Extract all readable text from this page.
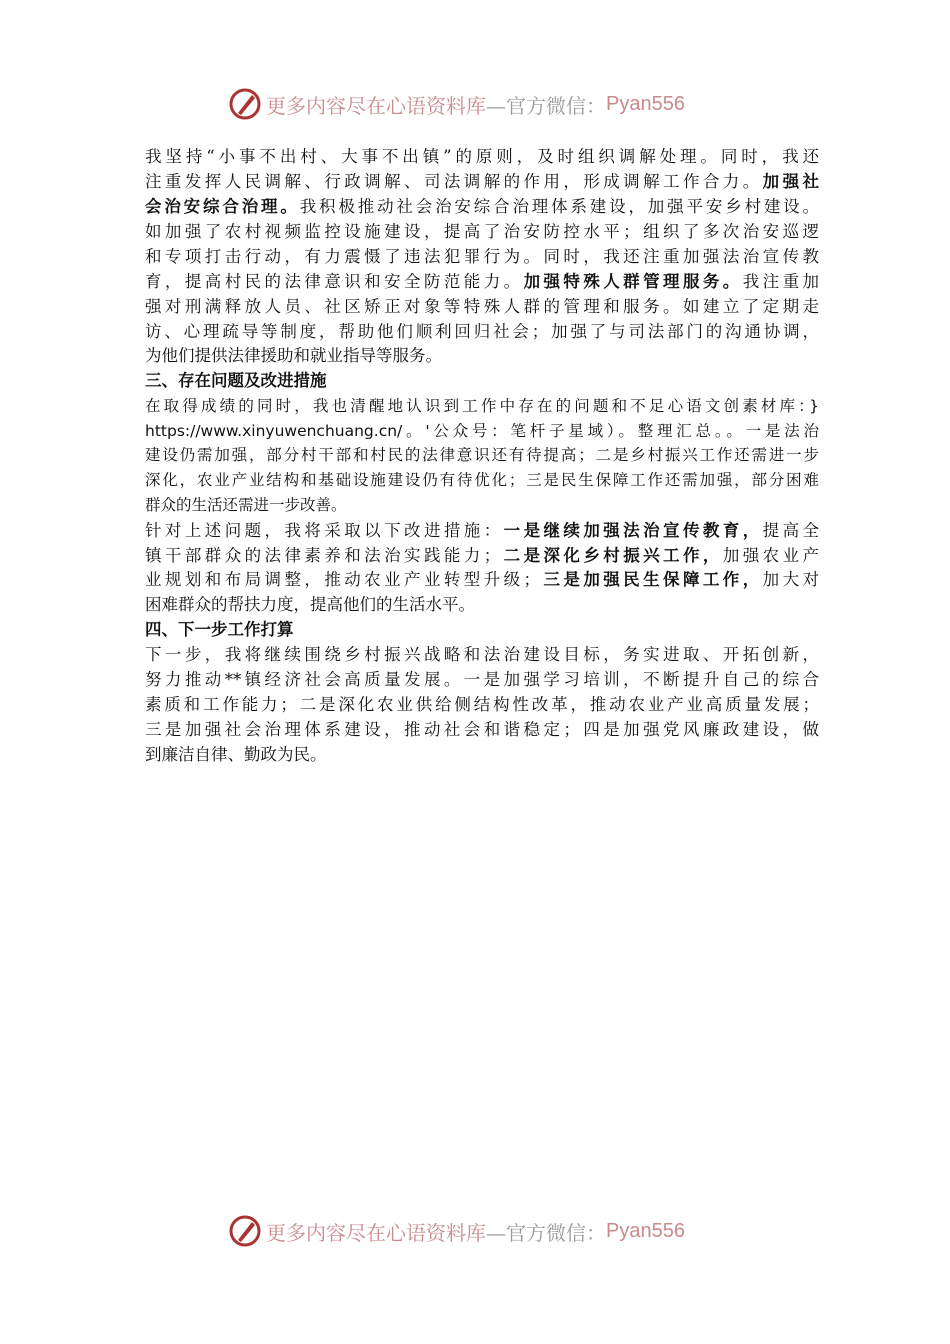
更多内容尽在心语资料库 —官方微信： Pyan556
我坚持“小事不出村、大事不出镇”的原则，及时组织调解处理。同时，我还
注重发挥人民调解、行政调解、司法调解的作用，形成调解工作合力。加强社
会治安综合治理。我积极推动社会治安综合治理体系建设，加强平安乡村建设。
如加强了农村视频监控设施建设，提高了治安防控水平；组织了多次治安巡逻
和专项打击行动，有力震慑了违法犯罪行为。同时，我还注重加强法治宣传教
育，提高村民的法律意识和安全防范能力。加强特殊人群管理服务。我注重加
强对刑满释放人员、社区矫正对象等特殊人群的管理和服务。如建立了定期走
访、心理疏导等制度，帮助他们顺利回归社会；加强了与司法部门的沟通协调，
为他们提供法律援助和就业指导等服务。
三、存在问题及改进措施
在取得成绩的同时，我也清醒地认识到工作中存在的问题和不足心语文创素材库：}
https://www.xinyuwenchuang.cn/。'公众号：笔杆子星域）。整理汇总。。一是法治
建设仍需加强，部分村干部和村民的法律意识还有待提高；二是乡村振兴工作还需进一步
深化，农业产业结构和基础设施建设仍有待优化；三是民生保障工作还需加强，部分困难
群众的生活还需进一步改善。
针对上述问题，我将采取以下改进措施：一是继续加强法治宣传教育，提高全
镇干部群众的法律素养和法治实践能力；二是深化乡村振兴工作，加强农业产
业规划和布局调整，推动农业产业转型升级；三是加强民生保障工作，加大对
困难群众的帮扶力度，提高他们的生活水平。
四、下一步工作打算
下一步，我将继续围绕乡村振兴战略和法治建设目标，务实进取、开拓创新，
努力推动**镇经济社会高质量发展。一是加强学习培训，不断提升自己的综合
素质和工作能力；二是深化农业供给侧结构性改革，推动农业产业高质量发展；
三是加强社会治理体系建设，推动社会和谐稳定；四是加强党风廉政建设，做
到廉洁自律、勤政为民。
更多内容尽在心语资料库 —官方微信： Pyan556
